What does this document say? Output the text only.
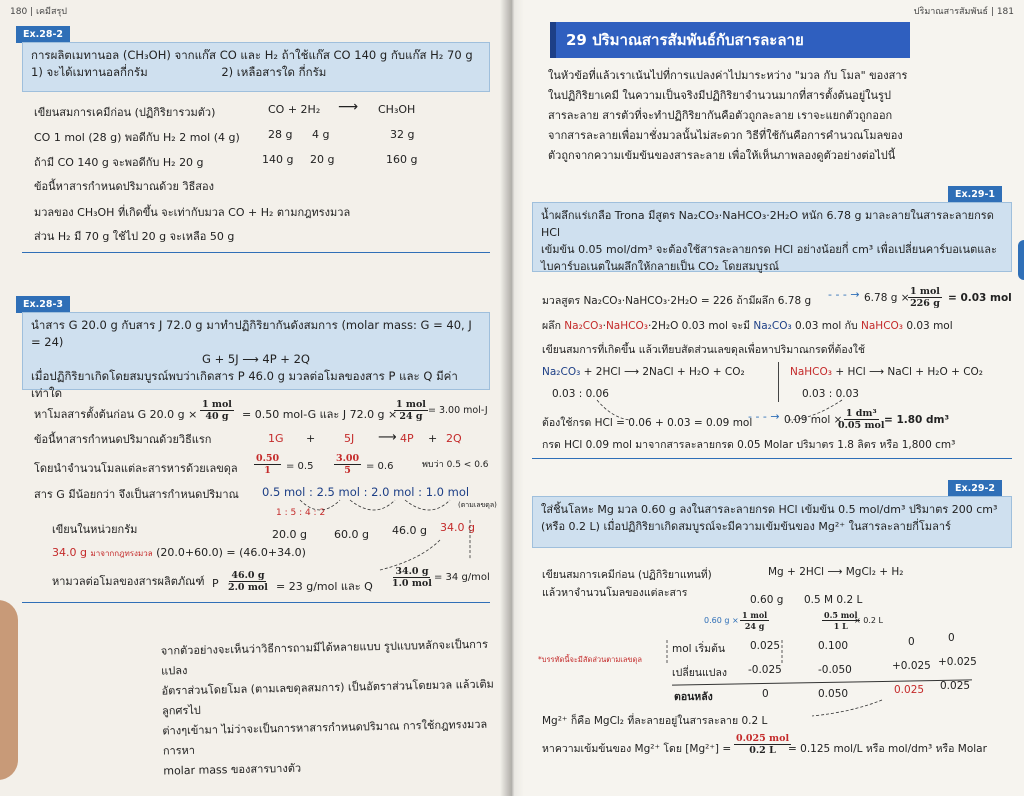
180 | เคมีสรุป
Ex.28-2
การผลิตเมทานอล (CH₃OH) จากแก๊ส CO และ H₂ ถ้าใช้แก๊ส CO 140 g กับแก๊ส H₂ 70 g
1) จะได้เมทานอลกี่กรัม	2) เหลือสารใด กี่กรัม
เขียนสมการเคมีก่อน (ปฏิกิริยารวมตัว)	CO + 2H₂ ⟶ CH₃OH
CO 1 mol (28 g) พอดีกับ H₂ 2 mol (4 g)	28 g 4 g	32 g
ถ้ามี CO 140 g จะพอดีกับ H₂ 20 g	140 g 20 g	160 g
ข้อนี้หาสารกำหนดปริมาณด้วย วิธีสอง
มวลของ CH₃OH ที่เกิดขึ้น จะเท่ากับมวล CO + H₂ ตามกฎทรงมวล
ส่วน H₂ มี 70 g ใช้ไป 20 g จะเหลือ 50 g
Ex.28-3
นำสาร G 20.0 g กับสาร J 72.0 g มาทำปฏิกิริยากันดังสมการ (molar mass: G = 40, J = 24)
G + 5J ⟶ 4P + 2Q
เมื่อปฏิกิริยาเกิดโดยสมบูรณ์พบว่าเกิดสาร P 46.0 g มวลต่อโมลของสาร P และ Q มีค่าเท่าใด
หาโมลสารตั้งต้นก่อน G 20.0 g ×
1 mol
40 g = 0.50 mol-G และ J 72.0 g ×
1 mol
24 g
= 3.00 mol-J
ข้อนี้หาสารกำหนดปริมาณด้วยวิธีแรก	1G +	5J ⟶ 4P + 2Q
โดยนำจำนวนโมลแต่ละสารหารด้วยเลขดุล $\frac{0.50}{1} = 0.5 \frac{3.00}{5} = 0.6$	พบว่า 0.5 < 0.6
สาร G มีน้อยกว่า จึงเป็นสารกำหนดปริมาณ 0.5 mol : 2.5 mol : 2.0 mol : 1.0 mol
1 : 5 : 4 : 2
(ตามเลขดุล)
เขียนในหน่วยกรัม	20.0 g 60.0 g 46.0 g 34.0 g
34.0 g มาจากกฎทรงมวล (20.0+60.0) = (46.0+34.0)
หามวลต่อโมลของสารผลิตภัณฑ์ P
46.0 g
2.0 mol = 23 g/mol และ Q
34.0 g
1.0 mol
= 34 g/mol
จากตัวอย่างจะเห็นว่าวิธีการถามมีได้หลายแบบ รูปแบบหลักจะเป็นการแปลง
อัตราส่วนโดยโมล (ตามเลขดุลสมการ) เป็นอัตราส่วนโดยมวล แล้วเติมลูกศรไป
ต่างๆเข้ามา ไม่ว่าจะเป็นการหาสารกำหนดปริมาณ การใช้กฎทรงมวล การหา
molar mass ของสารบางตัว
ปริมาณสารสัมพันธ์ | 181
29 ปริมาณสารสัมพันธ์กับสารละลาย
ในหัวข้อที่แล้วเราเน้นไปที่การแปลงค่าไปมาระหว่าง "มวล กับ โมล" ของสาร
ในปฏิกิริยาเคมี ในความเป็นจริงมีปฏิกิริยาจำนวนมากที่สารตั้งต้นอยู่ในรูป
สารละลาย สารตัวที่จะทำปฏิกิริยากันคือตัวถูกละลาย เราจะแยกตัวถูกออก
จากสารละลายเพื่อมาชั่งมวลนั้นไม่สะดวก วิธีที่ใช้กันคือการคำนวณโมลของ
ตัวถูกจากความเข้มข้นของสารละลาย เพื่อให้เห็นภาพลองดูตัวอย่างต่อไปนี้
Ex.29-1
น้ำผลึกแร่เกลือ Trona มีสูตร Na₂CO₃·NaHCO₃·2H₂O หนัก 6.78 g มาละลายในสารละลายกรด HCl
เข้มข้น 0.05 mol/dm³ จะต้องใช้สารละลายกรด HCl อย่างน้อยกี่ cm³ เพื่อเปลี่ยนคาร์บอเนตและ
ไบคาร์บอเนตในผลึกให้กลายเป็น CO₂ โดยสมบูรณ์
มวลสูตร Na₂CO₃·NaHCO₃·2H₂O = 226 ถ้ามีผลึก 6.78 g - - - → 6.78 g ×
1 mol
226 g = 0.03 mol
ผลึก Na₂CO₃·NaHCO₃·2H₂O 0.03 mol จะมี Na₂CO₃ 0.03 mol กับ NaHCO₃ 0.03 mol
เขียนสมการที่เกิดขึ้น แล้วเทียบสัดส่วนเลขดุลเพื่อหาปริมาณกรดที่ต้องใช้
Na₂CO₃ + 2HCl ⟶ 2NaCl + H₂O + CO₂	NaHCO₃ + HCl ⟶ NaCl + H₂O + CO₂
0.03 : 0.06	0.03 : 0.03
ต้องใช้กรด HCl = 0.06 + 0.03 = 0.09 mol
- - - → 0.09 mol ×
1 dm³
0.05 mol = 1.80 dm³
กรด HCl 0.09 mol มาจากสารละลายกรด 0.05 Molar ปริมาตร 1.8 ลิตร หรือ 1,800 cm³
Ex.29-2
ใส่ชิ้นโลหะ Mg มวล 0.60 g ลงในสารละลายกรด HCl เข้มข้น 0.5 mol/dm³ ปริมาตร 200 cm³
(หรือ 0.2 L) เมื่อปฏิกิริยาเกิดสมบูรณ์จะมีความเข้มข้นของ Mg²⁺ ในสารละลายกี่โมลาร์
เขียนสมการเคมีก่อน (ปฏิกิริยาแทนที่)	Mg + 2HCl ⟶ MgCl₂ + H₂
แล้วหาจำนวนโมลของแต่ละสาร
0.60 g 0.5 M 0.2 L
0.60 g ×
1 mol
24 g
0.5 mol
1 L
× 0.2 L
mol เริ่มต้น 0.025	0.100	0	0
*บรรทัดนี้จะมีสัดส่วนตามเลขดุล
เปลี่ยนแปลง -0.025	-0.050	+0.025 +0.025
ตอนหลัง	0	0.050	0.025 0.025
Mg²⁺ ก็คือ MgCl₂ ที่ละลายอยู่ในสารละลาย 0.2 L
หาความเข้มข้นของ Mg²⁺ โดย [Mg²⁺] =
0.025 mol
0.2 L = 0.125 mol/L หรือ mol/dm³ หรือ Molar
